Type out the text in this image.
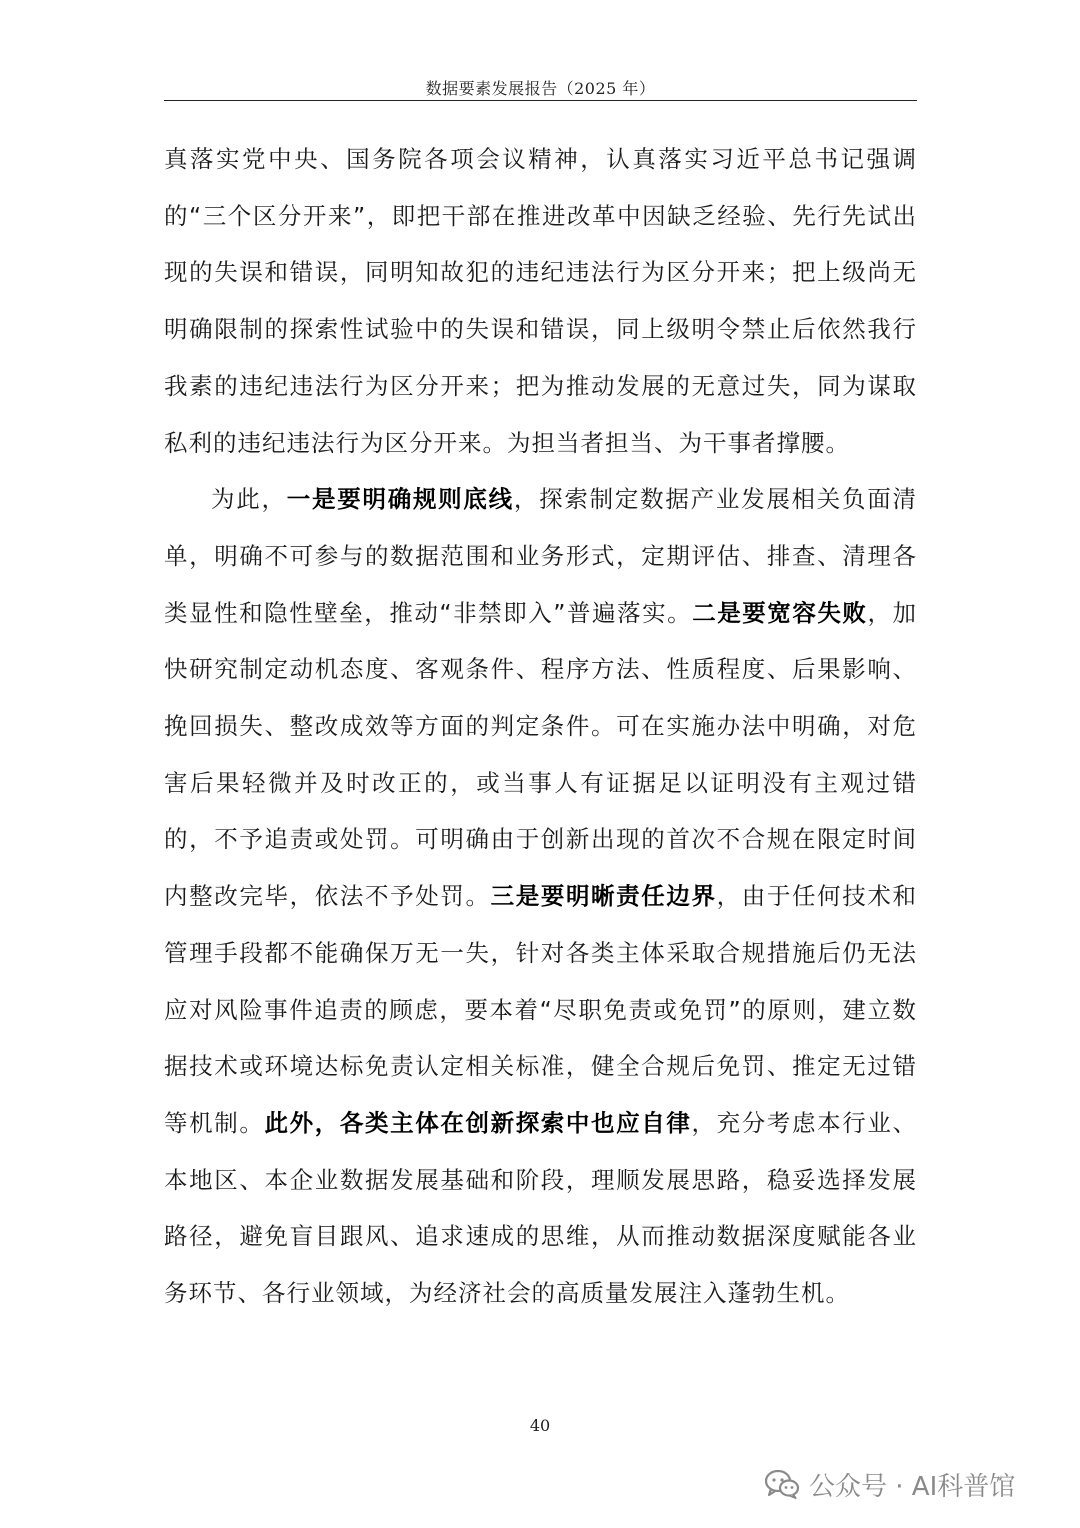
数据要素发展报告（2025 年）

真落实党中央、国务院各项会议精神，认真落实习近平总书记强调的“三个区分开来”，即把干部在推进改革中因缺乏经验、先行先试出现的失误和错误，同明知故犯的违纪违法行为区分开来；把上级尚无明确限制的探索性试验中的失误和错误，同上级明令禁止后依然我行我素的违纪违法行为区分开来；把为推动发展的无意过失，同为谋取私利的违纪违法行为区分开来。为担当者担当、为干事者撑腰。

为此，一是要明确规则底线，探索制定数据产业发展相关负面清单，明确不可参与的数据范围和业务形式，定期评估、排查、清理各类显性和隐性壁垒，推动“非禁即入”普遍落实。二是要宽容失败，加快研究制定动机态度、客观条件、程序方法、性质程度、后果影响、挽回损失、整改成效等方面的判定条件。可在实施办法中明确，对危害后果轻微并及时改正的，或当事人有证据足以证明没有主观过错的，不予追责或处罚。可明确由于创新出现的首次不合规在限定时间内整改完毕，依法不予处罚。三是要明晰责任边界，由于任何技术和管理手段都不能确保万无一失，针对各类主体采取合规措施后仍无法应对风险事件追责的顾虑，要本着“尽职免责或免罚”的原则，建立数据技术或环境达标免责认定相关标准，健全合规后免罚、推定无过错等机制。此外，各类主体在创新探索中也应自律，充分考虑本行业、本地区、本企业数据发展基础和阶段，理顺发展思路，稳妥选择发展路径，避免盲目跟风、追求速成的思维，从而推动数据深度赋能各业务环节、各行业领域，为经济社会的高质量发展注入蓬勃生机。

40
公众号 · AI科普馆
